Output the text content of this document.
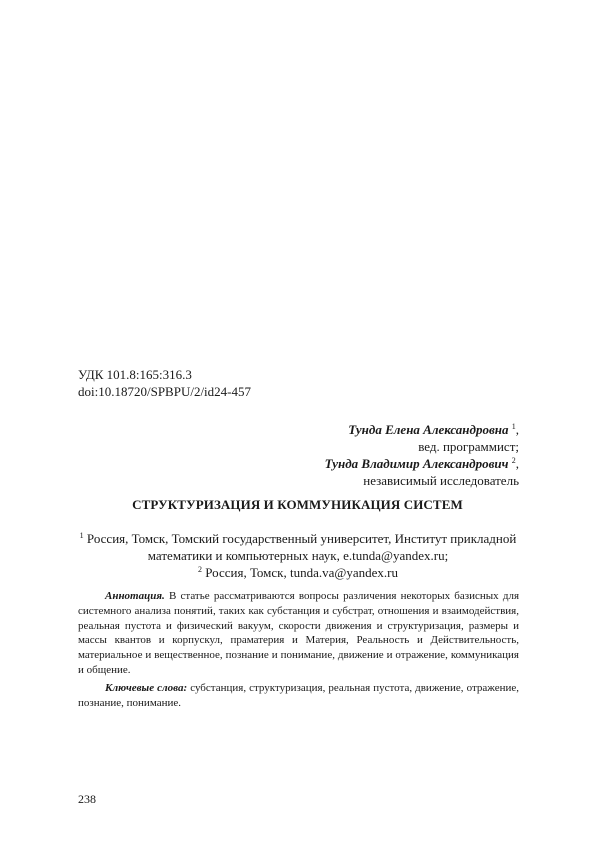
УДК 101.8:165:316.3
doi:10.18720/SPBPU/2/id24-457
Тунда Елена Александровна $^1$,
вед. программист;
Тунда Владимир Александрович $^2$,
независимый исследователь
СТРУКТУРИЗАЦИЯ И КОММУНИКАЦИЯ СИСТЕМ
$^1$ Россия, Томск, Томский государственный университет, Институт прикладной математики и компьютерных наук, e.tunda@yandex.ru;
$^2$ Россия, Томск, tunda.va@yandex.ru

Аннотация. В статье рассматриваются вопросы различения некоторых базисных для системного анализа понятий, таких как субстанция и субстрат, отношения и взаимодействия, реальная пустота и физический вакуум, скорости движения и структуризация, размеры и массы квантов и корпускул, праматерия и Материя, Реальность и Действительность, материальное и вещественное, познание и понимание, движение и отражение, коммуникация и общение.

Ключевые слова: субстанция, структуризация, реальная пустота, движение, отражение, познание, понимание.

238
